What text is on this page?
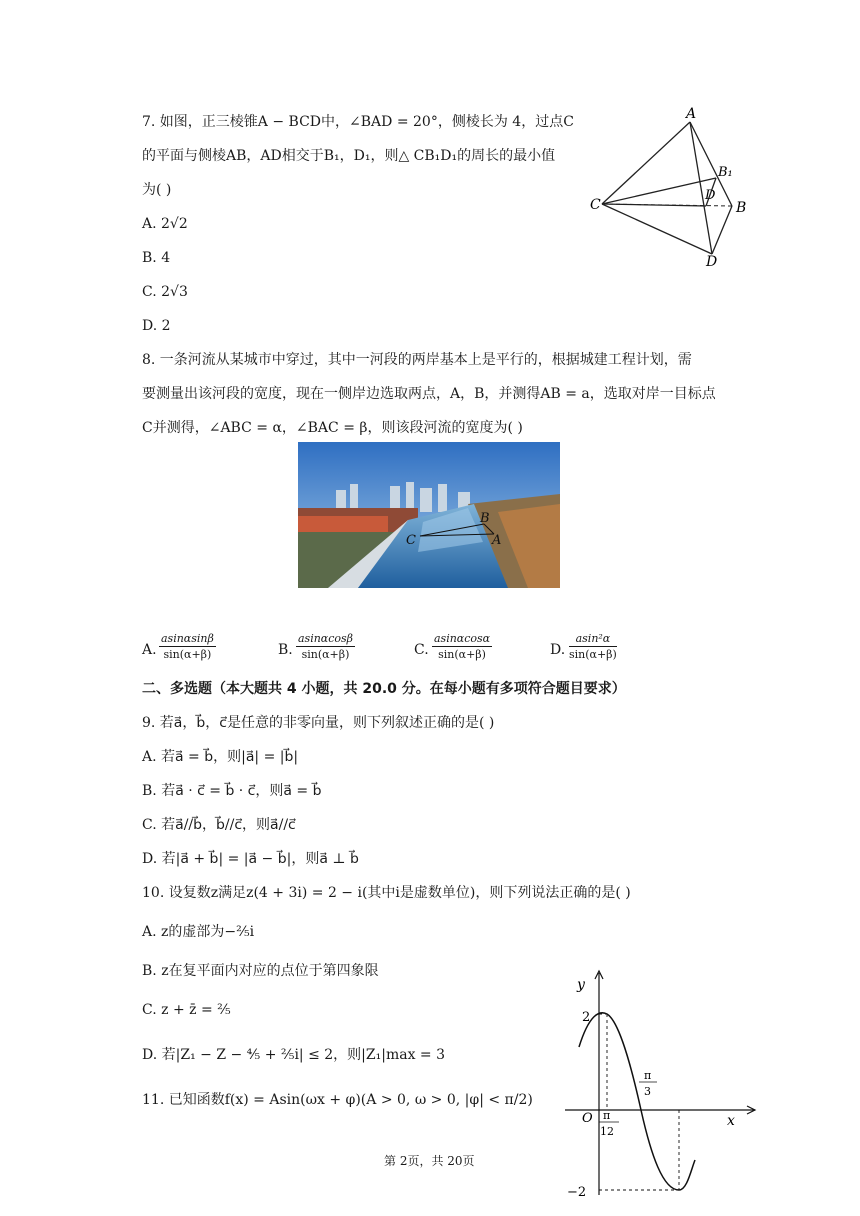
7. 如图，正三棱锥A − BCD中，∠BAD = 20°，侧棱长为 4，过点C
的平面与侧棱AB，AD相交于B₁，D₁，则△ CB₁D₁的周长的最小值
为( )
A. 2√2
B. 4
C. 2√3
D. 2
A
C	B
D
B₁
D
8. 一条河流从某城市中穿过，其中一河段的两岸基本上是平行的，根据城建工程计划，需
要测量出该河段的宽度，现在一侧岸边选取两点，A，B，并测得AB = a，选取对岸一目标点
C并测得，∠ABC = α，∠BAC = β，则该段河流的宽度为( )
C
B
A
A. $\frac{asin\alpha\sin\beta}{\sin(\alpha+\beta)}$	B. $\frac{asin\alpha\cos\beta}{\sin(\alpha+\beta)}$	C. $\frac{asin\alpha\cos\alpha}{\sin(\alpha+\beta)}$	D. $\frac{\text{asin²α}}{\sin(\alpha+\beta)}$
二、多选题（本大题共 4 小题，共 20.0 分。在每小题有多项符合题目要求）
9. 若a⃗，b⃗，c⃗是任意的非零向量，则下列叙述正确的是( )
A. 若a⃗ = b⃗，则|a⃗| = |b⃗|
B. 若a⃗ · c⃗ = b⃗ · c⃗，则a⃗ = b⃗
C. 若a⃗//b⃗，b⃗//c⃗，则a⃗//c⃗
D. 若|a⃗ + b⃗| = |a⃗ − b⃗|，则a⃗ ⊥ b⃗
10. 设复数z满足z(4 + 3i) = 2 − i(其中i是虚数单位)，则下列说法正确的是( )
A. z的虚部为−⅖i
B. z在复平面内对应的点位于第四象限
C. z + z̄ = ⅖
D. 若|Z₁ − Z − ⅘ + ⅖i| ≤ 2，则|Z₁|max = 3
11. 已知函数f(x) = Asin(ωx + φ)(A > 0, ω > 0, |φ| < π/2)
y
x
O
2
−2
π
12
π
3
第 2页，共 20页
